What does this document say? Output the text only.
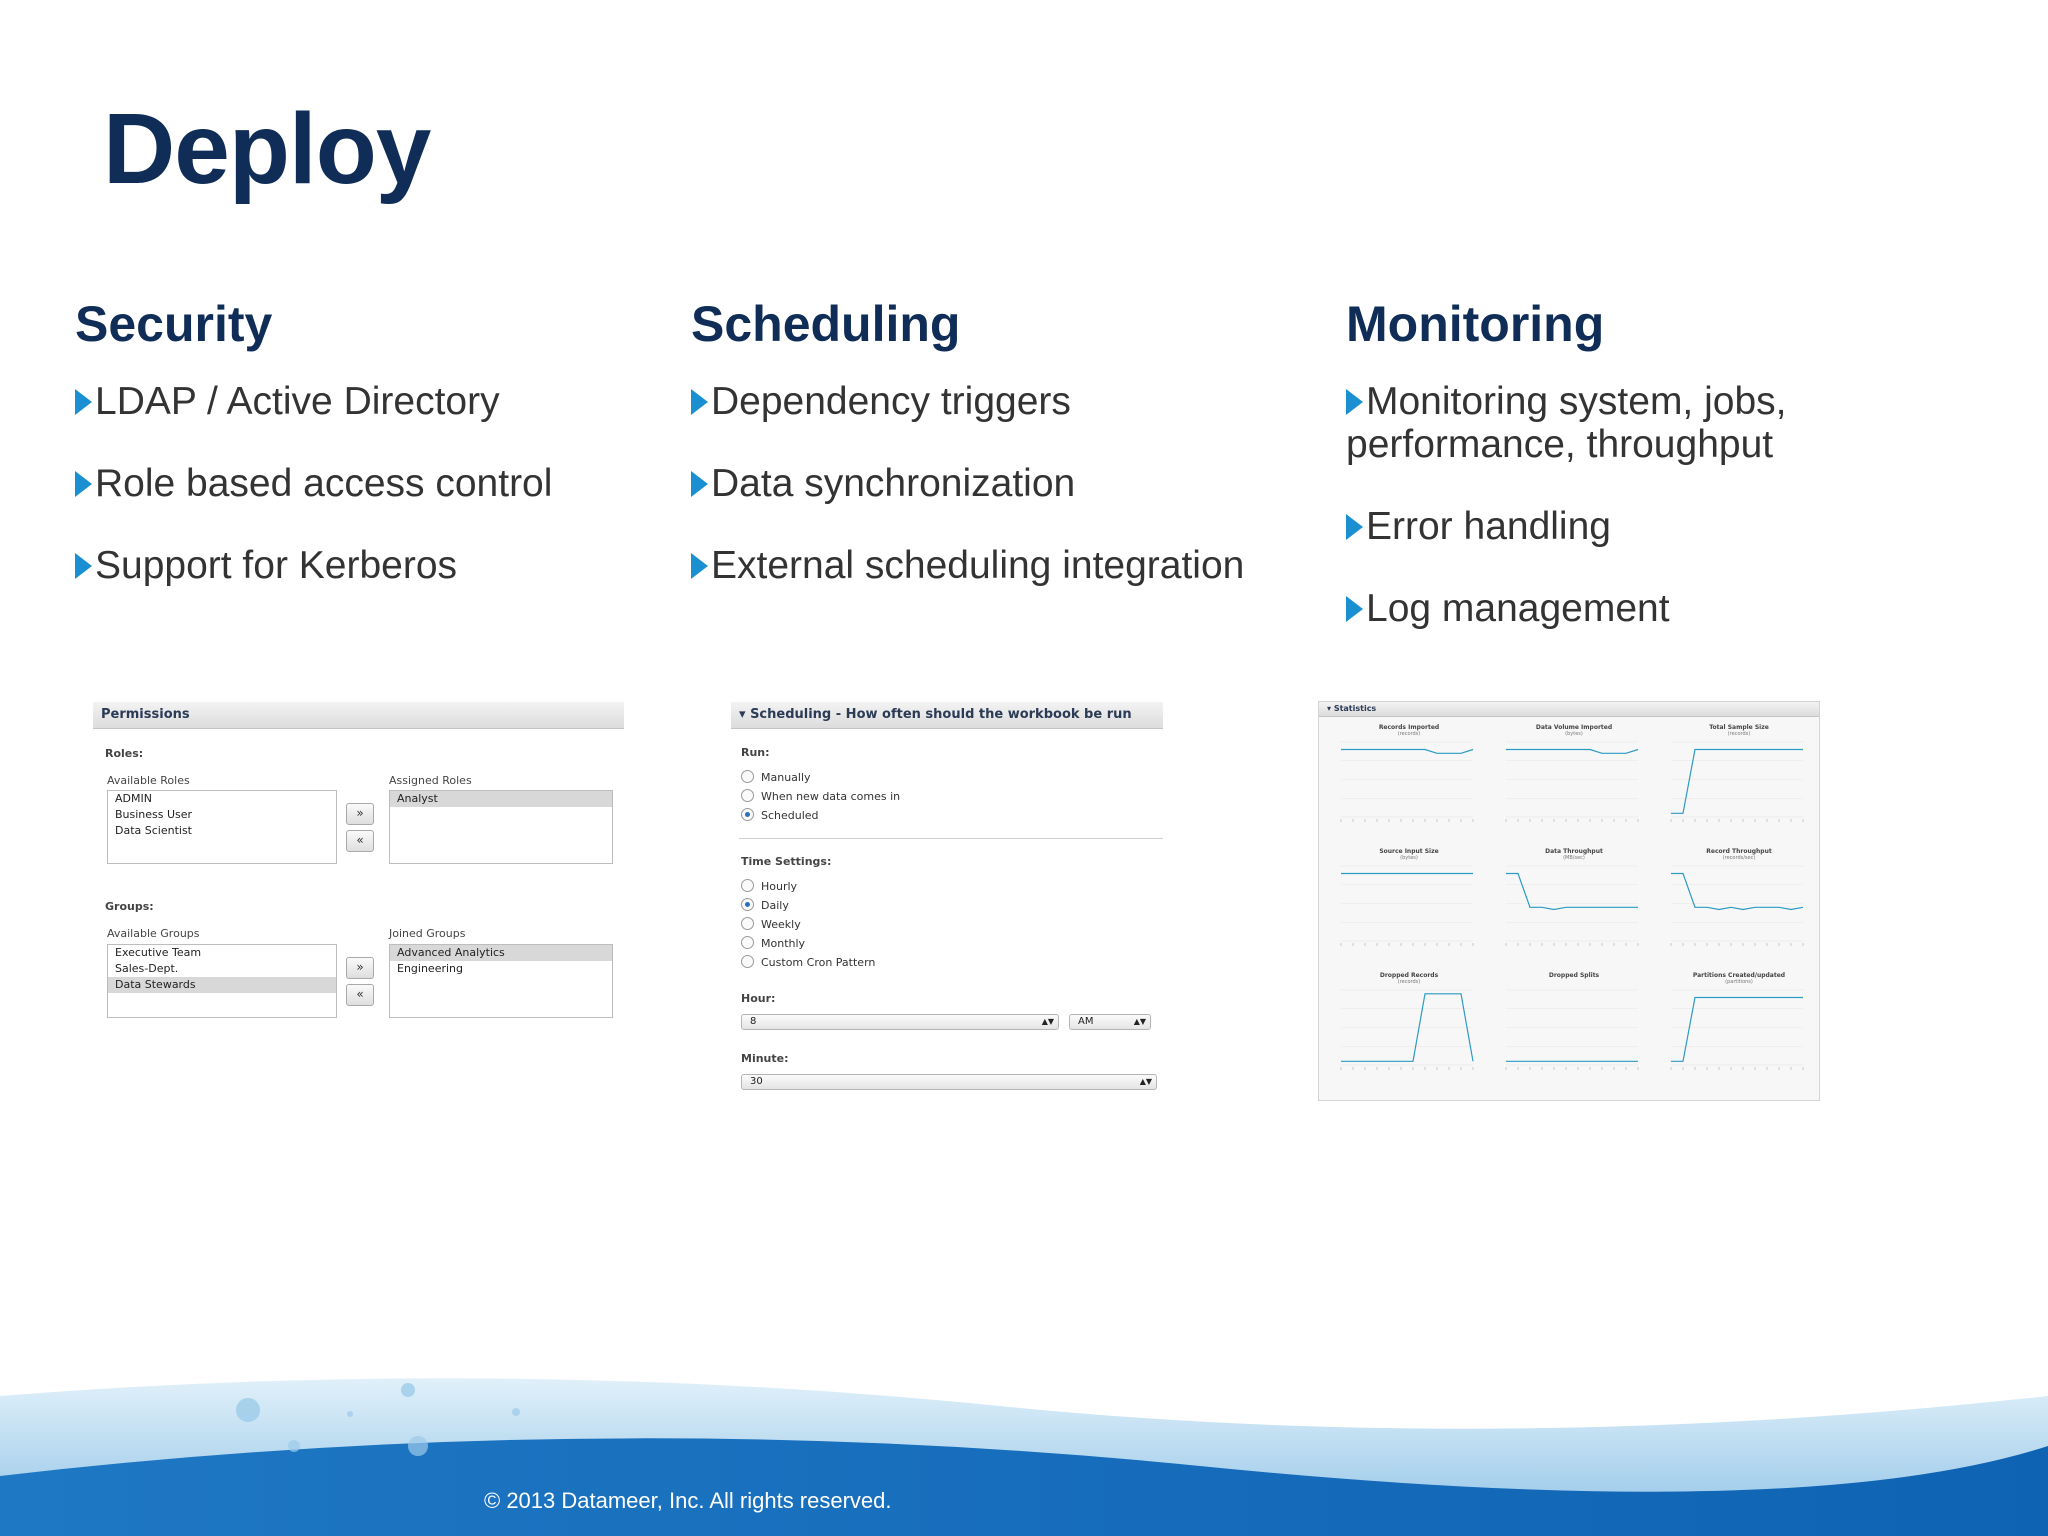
Deploy
Security
LDAP / Active Directory
Role based access control
Support for Kerberos
Scheduling
Dependency triggers
Data synchronization
External scheduling integration
Monitoring
Monitoring system, jobs, performance, throughput
Error handling
Log management
Permissions
Roles:
Available Roles
ADMIN
Business User
Data Scientist
»
«
Assigned Roles
Analyst
Groups:
Available Groups
Executive Team
Sales-Dept.
Data Stewards
»
«
Joined Groups
Advanced Analytics
Engineering
▾ Scheduling - How often should the workbook be run
Run:
Manually
When new data comes in
Scheduled
Time Settings:
Hourly
Daily
Weekly
Monthly
Custom Cron Pattern
Hour:
8	▲▼	AM	▲▼
Minute:
30	▲▼
▾ Statistics
Records Imported
(records)
Data Volume Imported
(bytes)
Total Sample Size
(records)
Source Input Size
(bytes)
Data Throughput
(MB/sec)
Record Throughput
(records/sec)
Dropped Records
(records)
Dropped Splits	Partitions Created/updated
(partitions)
© 2013 Datameer, Inc. All rights reserved.
